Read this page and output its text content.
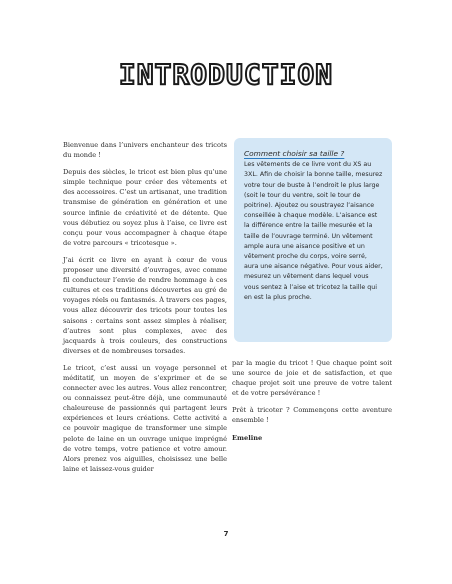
INTRODUCTION

Bienvenue dans l’univers enchanteur des tricots du monde !

Depuis des siècles, le tricot est bien plus qu’une simple technique pour créer des vêtements et des accessoires. C’est un artisanat, une tradition transmise de génération en génération et une source infinie de créativité et de détente. Que vous débutiez ou soyez plus à l’aise, ce livre est conçu pour vous accompagner à chaque étape de votre parcours « tricotesque ».

J’ai écrit ce livre en ayant à cœur de vous proposer une diversité d’ouvrages, avec comme fil conducteur l’envie de rendre hommage à ces cultures et ces traditions découvertes au gré de voyages réels ou fantasmés. À travers ces pages, vous allez découvrir des tricots pour toutes les saisons : certains sont assez simples à réaliser, d’autres sont plus complexes, avec des jacquards à trois couleurs, des constructions diverses et de nombreuses torsades.

Le tricot, c’est aussi un voyage personnel et méditatif, un moyen de s’exprimer et de se connecter avec les autres. Vous allez rencontrer, ou connaissez peut-être déjà, une communauté chaleureuse de passionnés qui partagent leurs expériences et leurs créations. Cette activité a ce pouvoir magique de transformer une simple pelote de laine en un ouvrage unique imprégné de votre temps, votre patience et votre amour. Alors prenez vos aiguilles, choisissez une belle laine et laissez-vous guider

Comment choisir sa taille ?
Les vêtements de ce livre vont du XS au 3XL. Afin de choisir la bonne taille, mesurez votre tour de buste à l’endroit le plus large (soit le tour du ventre, soit le tour de poitrine). Ajoutez ou soustrayez l’aisance conseillée à chaque modèle. L’aisance est la différence entre la taille mesurée et la taille de l’ouvrage terminé. Un vêtement ample aura une aisance positive et un vêtement proche du corps, voire serré, aura une aisance négative. Pour vous aider, mesurez un vêtement dans lequel vous vous sentez à l’aise et tricotez la taille qui en est la plus proche.

par la magie du tricot ! Que chaque point soit une source de joie et de satisfaction, et que chaque projet soit une preuve de votre talent et de votre persévérance !

Prêt à tricoter ? Commençons cette aventure ensemble !

Emeline

7
